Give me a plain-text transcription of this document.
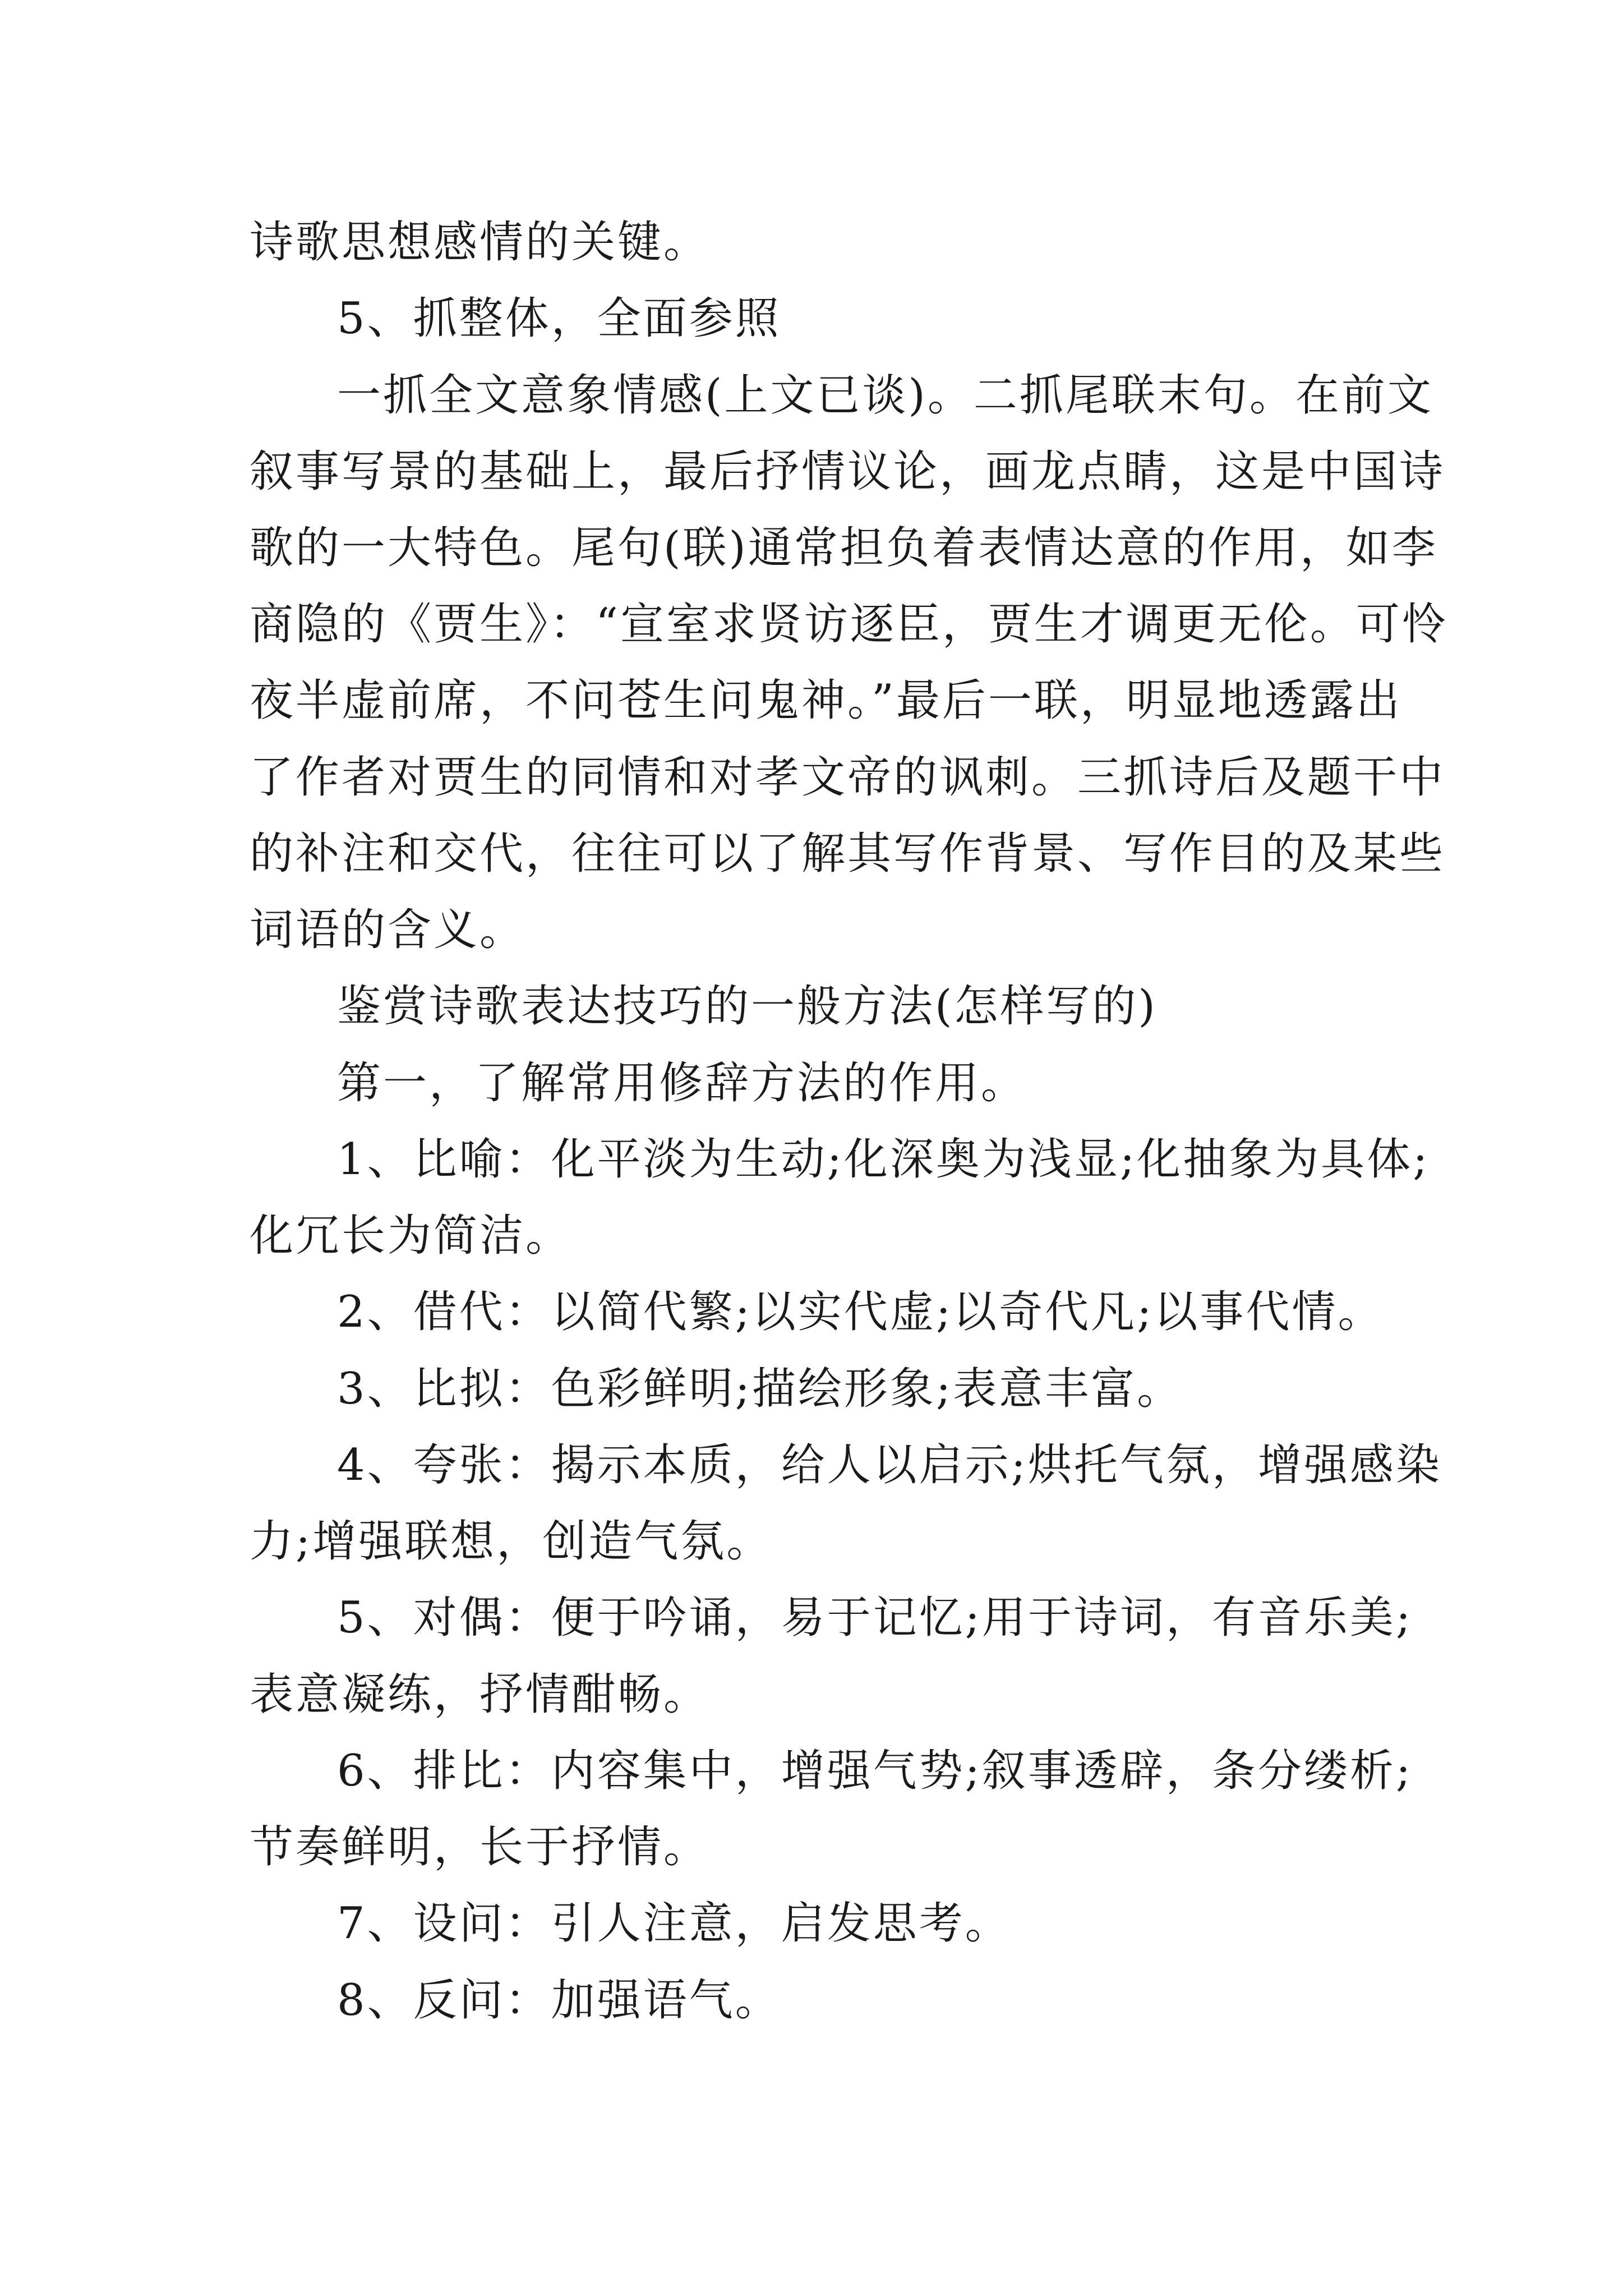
诗歌思想感情的关键。
5、抓整体，全面参照
一抓全文意象情感(上文已谈)。二抓尾联末句。在前文
叙事写景的基础上，最后抒情议论，画龙点睛，这是中国诗
歌的一大特色。尾句(联)通常担负着表情达意的作用，如李
商隐的《贾生》：“宣室求贤访逐臣，贾生才调更无伦。可怜
夜半虚前席，不问苍生问鬼神。”最后一联，明显地透露出
了作者对贾生的同情和对孝文帝的讽刺。三抓诗后及题干中
的补注和交代，往往可以了解其写作背景、写作目的及某些
词语的含义。
鉴赏诗歌表达技巧的一般方法(怎样写的)
第一，了解常用修辞方法的作用。
1、比喻：化平淡为生动;化深奥为浅显;化抽象为具体;
化冗长为简洁。
2、借代：以简代繁;以实代虚;以奇代凡;以事代情。
3、比拟：色彩鲜明;描绘形象;表意丰富。
4、夸张：揭示本质，给人以启示;烘托气氛，增强感染
力;增强联想，创造气氛。
5、对偶：便于吟诵，易于记忆;用于诗词，有音乐美;
表意凝练，抒情酣畅。
6、排比：内容集中，增强气势;叙事透辟，条分缕析;
节奏鲜明，长于抒情。
7、设问：引人注意，启发思考。
8、反问：加强语气。
